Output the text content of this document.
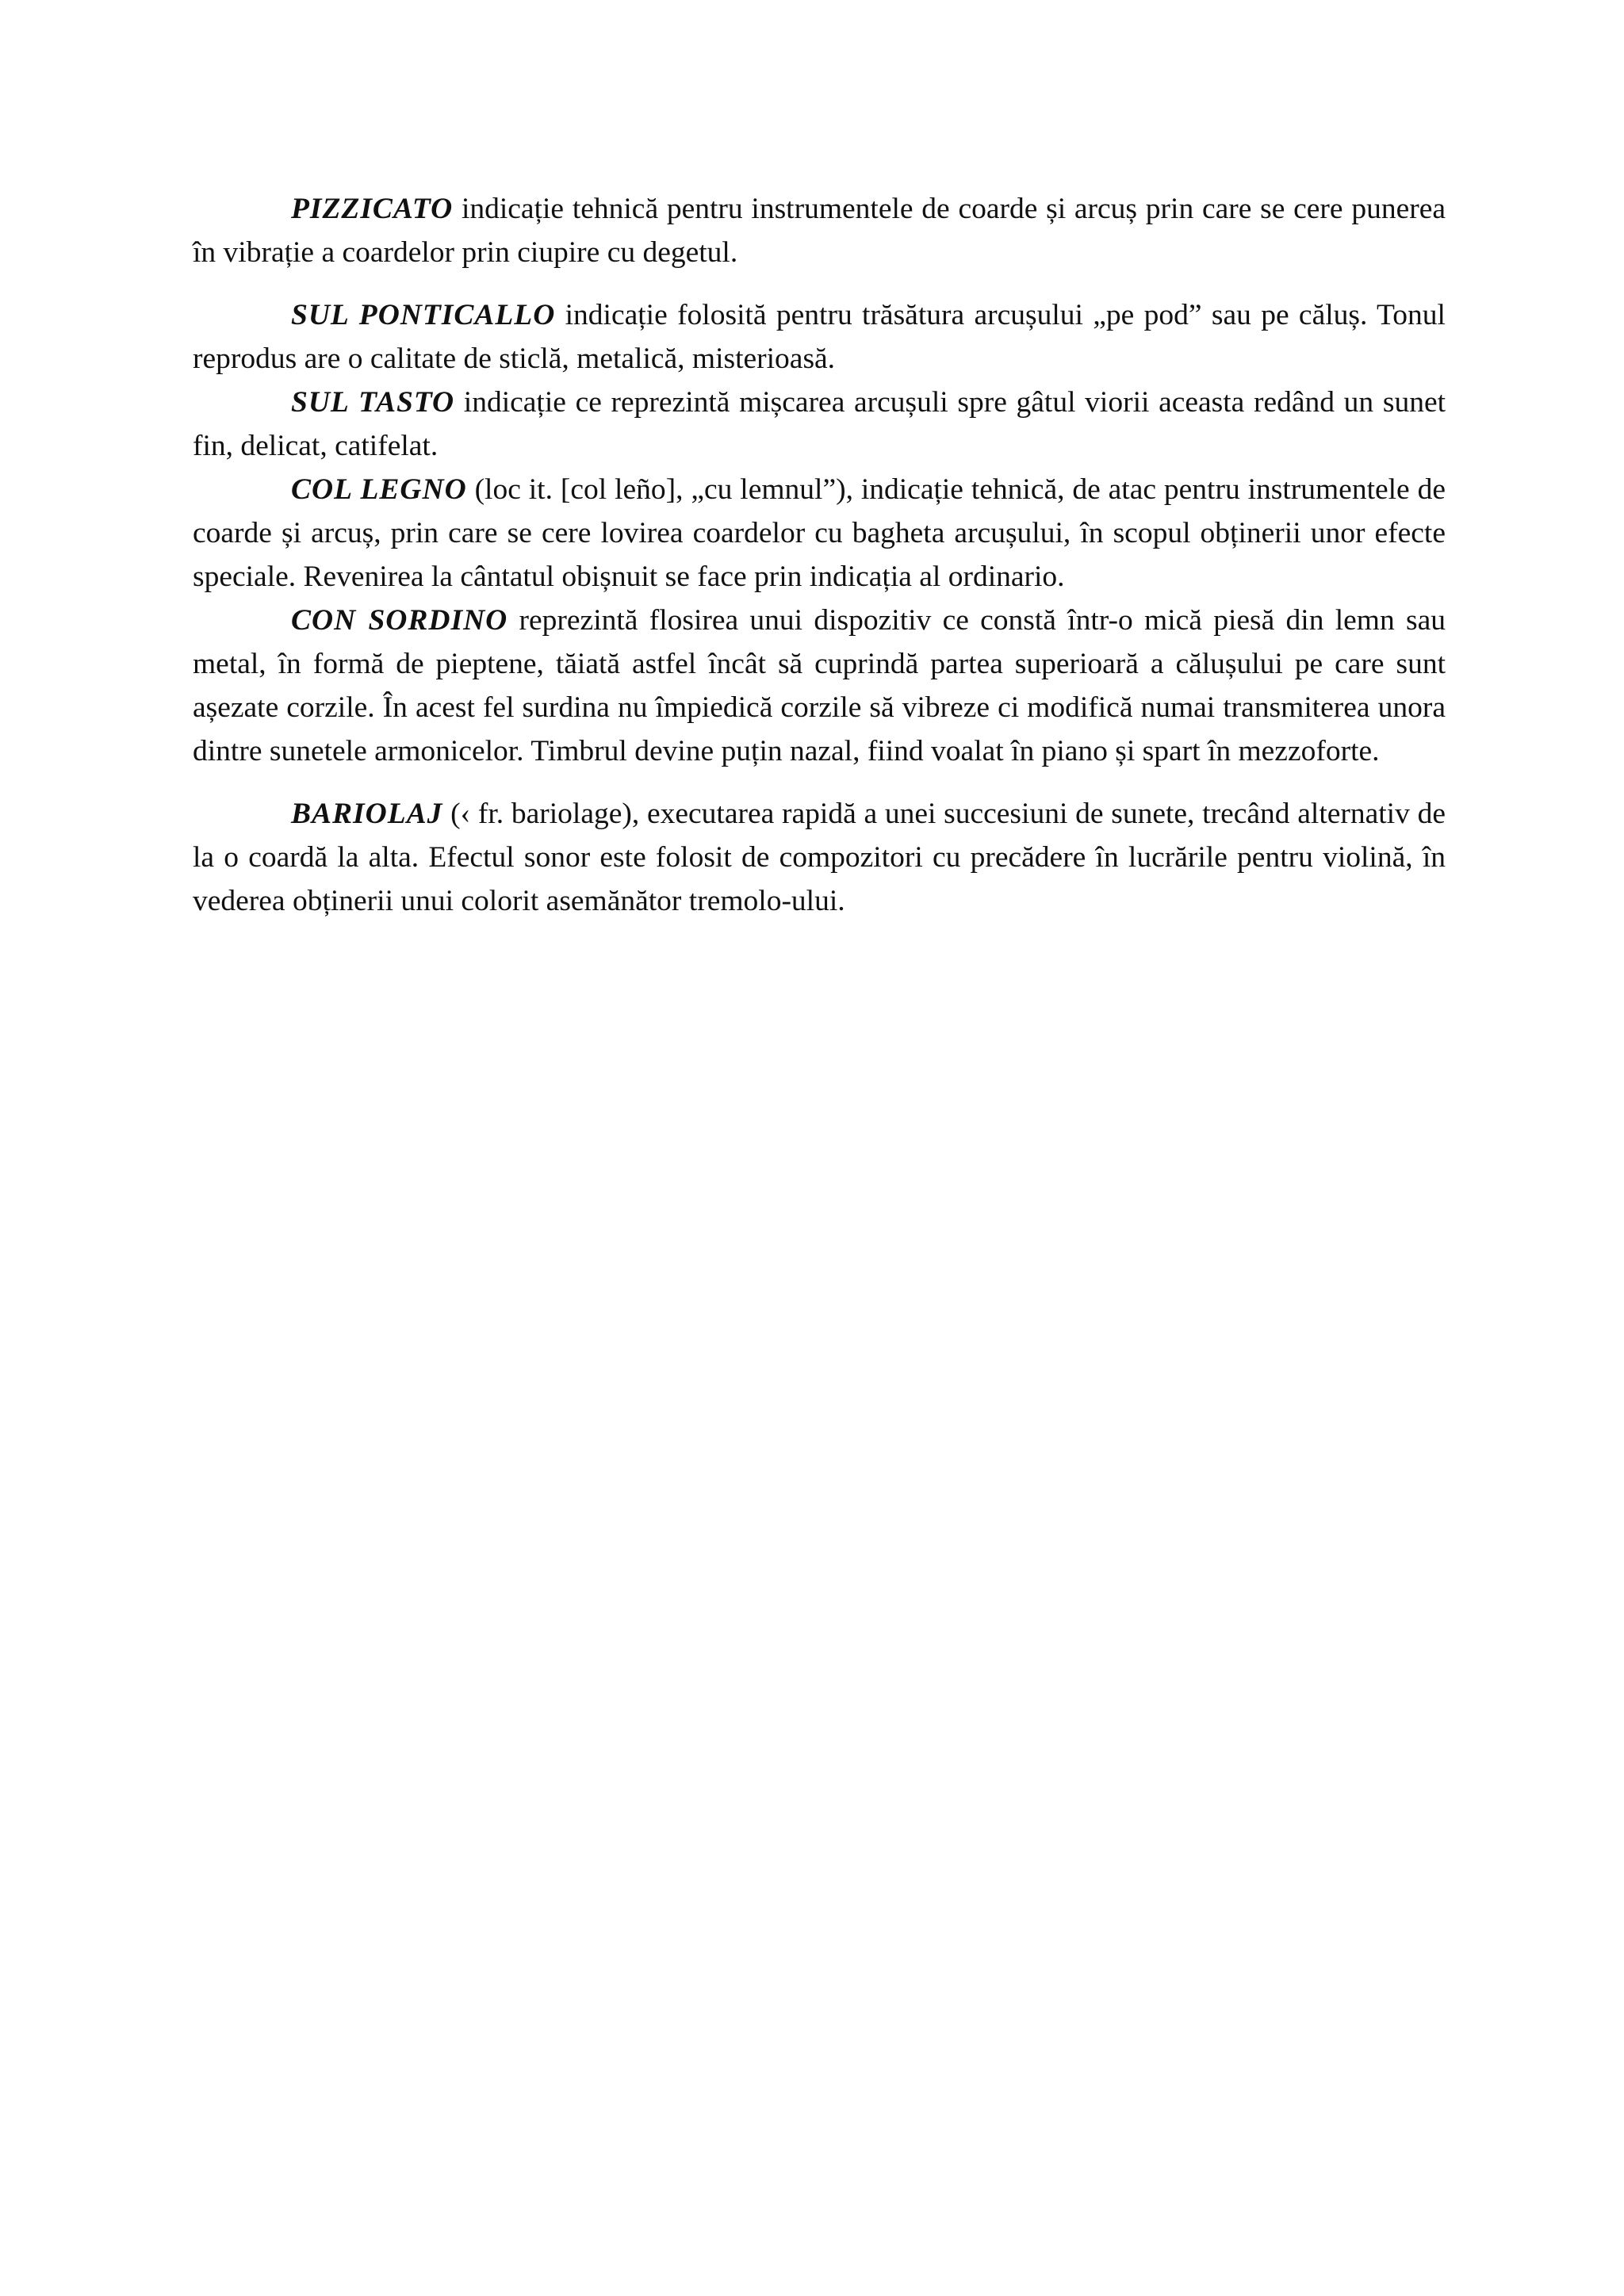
PIZZICATO indicație tehnică pentru instrumentele de coarde și arcuș prin care se cere punerea în vibrație a coardelor prin ciupire cu degetul.

SUL PONTICALLO indicație folosită pentru trăsătura arcușului „pe pod” sau pe căluș. Tonul reprodus are o calitate de sticlă, metalică, misterioasă.

SUL TASTO indicație ce reprezintă mișcarea arcușuli spre gâtul viorii aceasta redând un sunet fin, delicat, catifelat.

COL LEGNO (loc it. [col leño], „cu lemnul”), indicație tehnică, de atac pentru instrumentele de coarde și arcuș, prin care se cere lovirea coardelor cu bagheta arcușului, în scopul obținerii unor efecte speciale. Revenirea la cântatul obișnuit se face prin indicația al ordinario.

CON SORDINO reprezintă flosirea unui dispozitiv ce constă într-o mică piesă din lemn sau metal, în formă de pieptene, tăiată astfel încât să cuprindă partea superioară a călușului pe care sunt așezate corzile. În acest fel surdina nu împiedică corzile să vibreze ci modifică numai transmiterea unora dintre sunetele armonicelor. Timbrul devine puțin nazal, fiind voalat în piano și spart în mezzoforte.

BARIOLAJ (‹ fr. bariolage), executarea rapidă a unei succesiuni de sunete, trecând alternativ de la o coardă la alta. Efectul sonor este folosit de compozitori cu precădere în lucrările pentru violină, în vederea obținerii unui colorit asemănător tremolo-ului.
